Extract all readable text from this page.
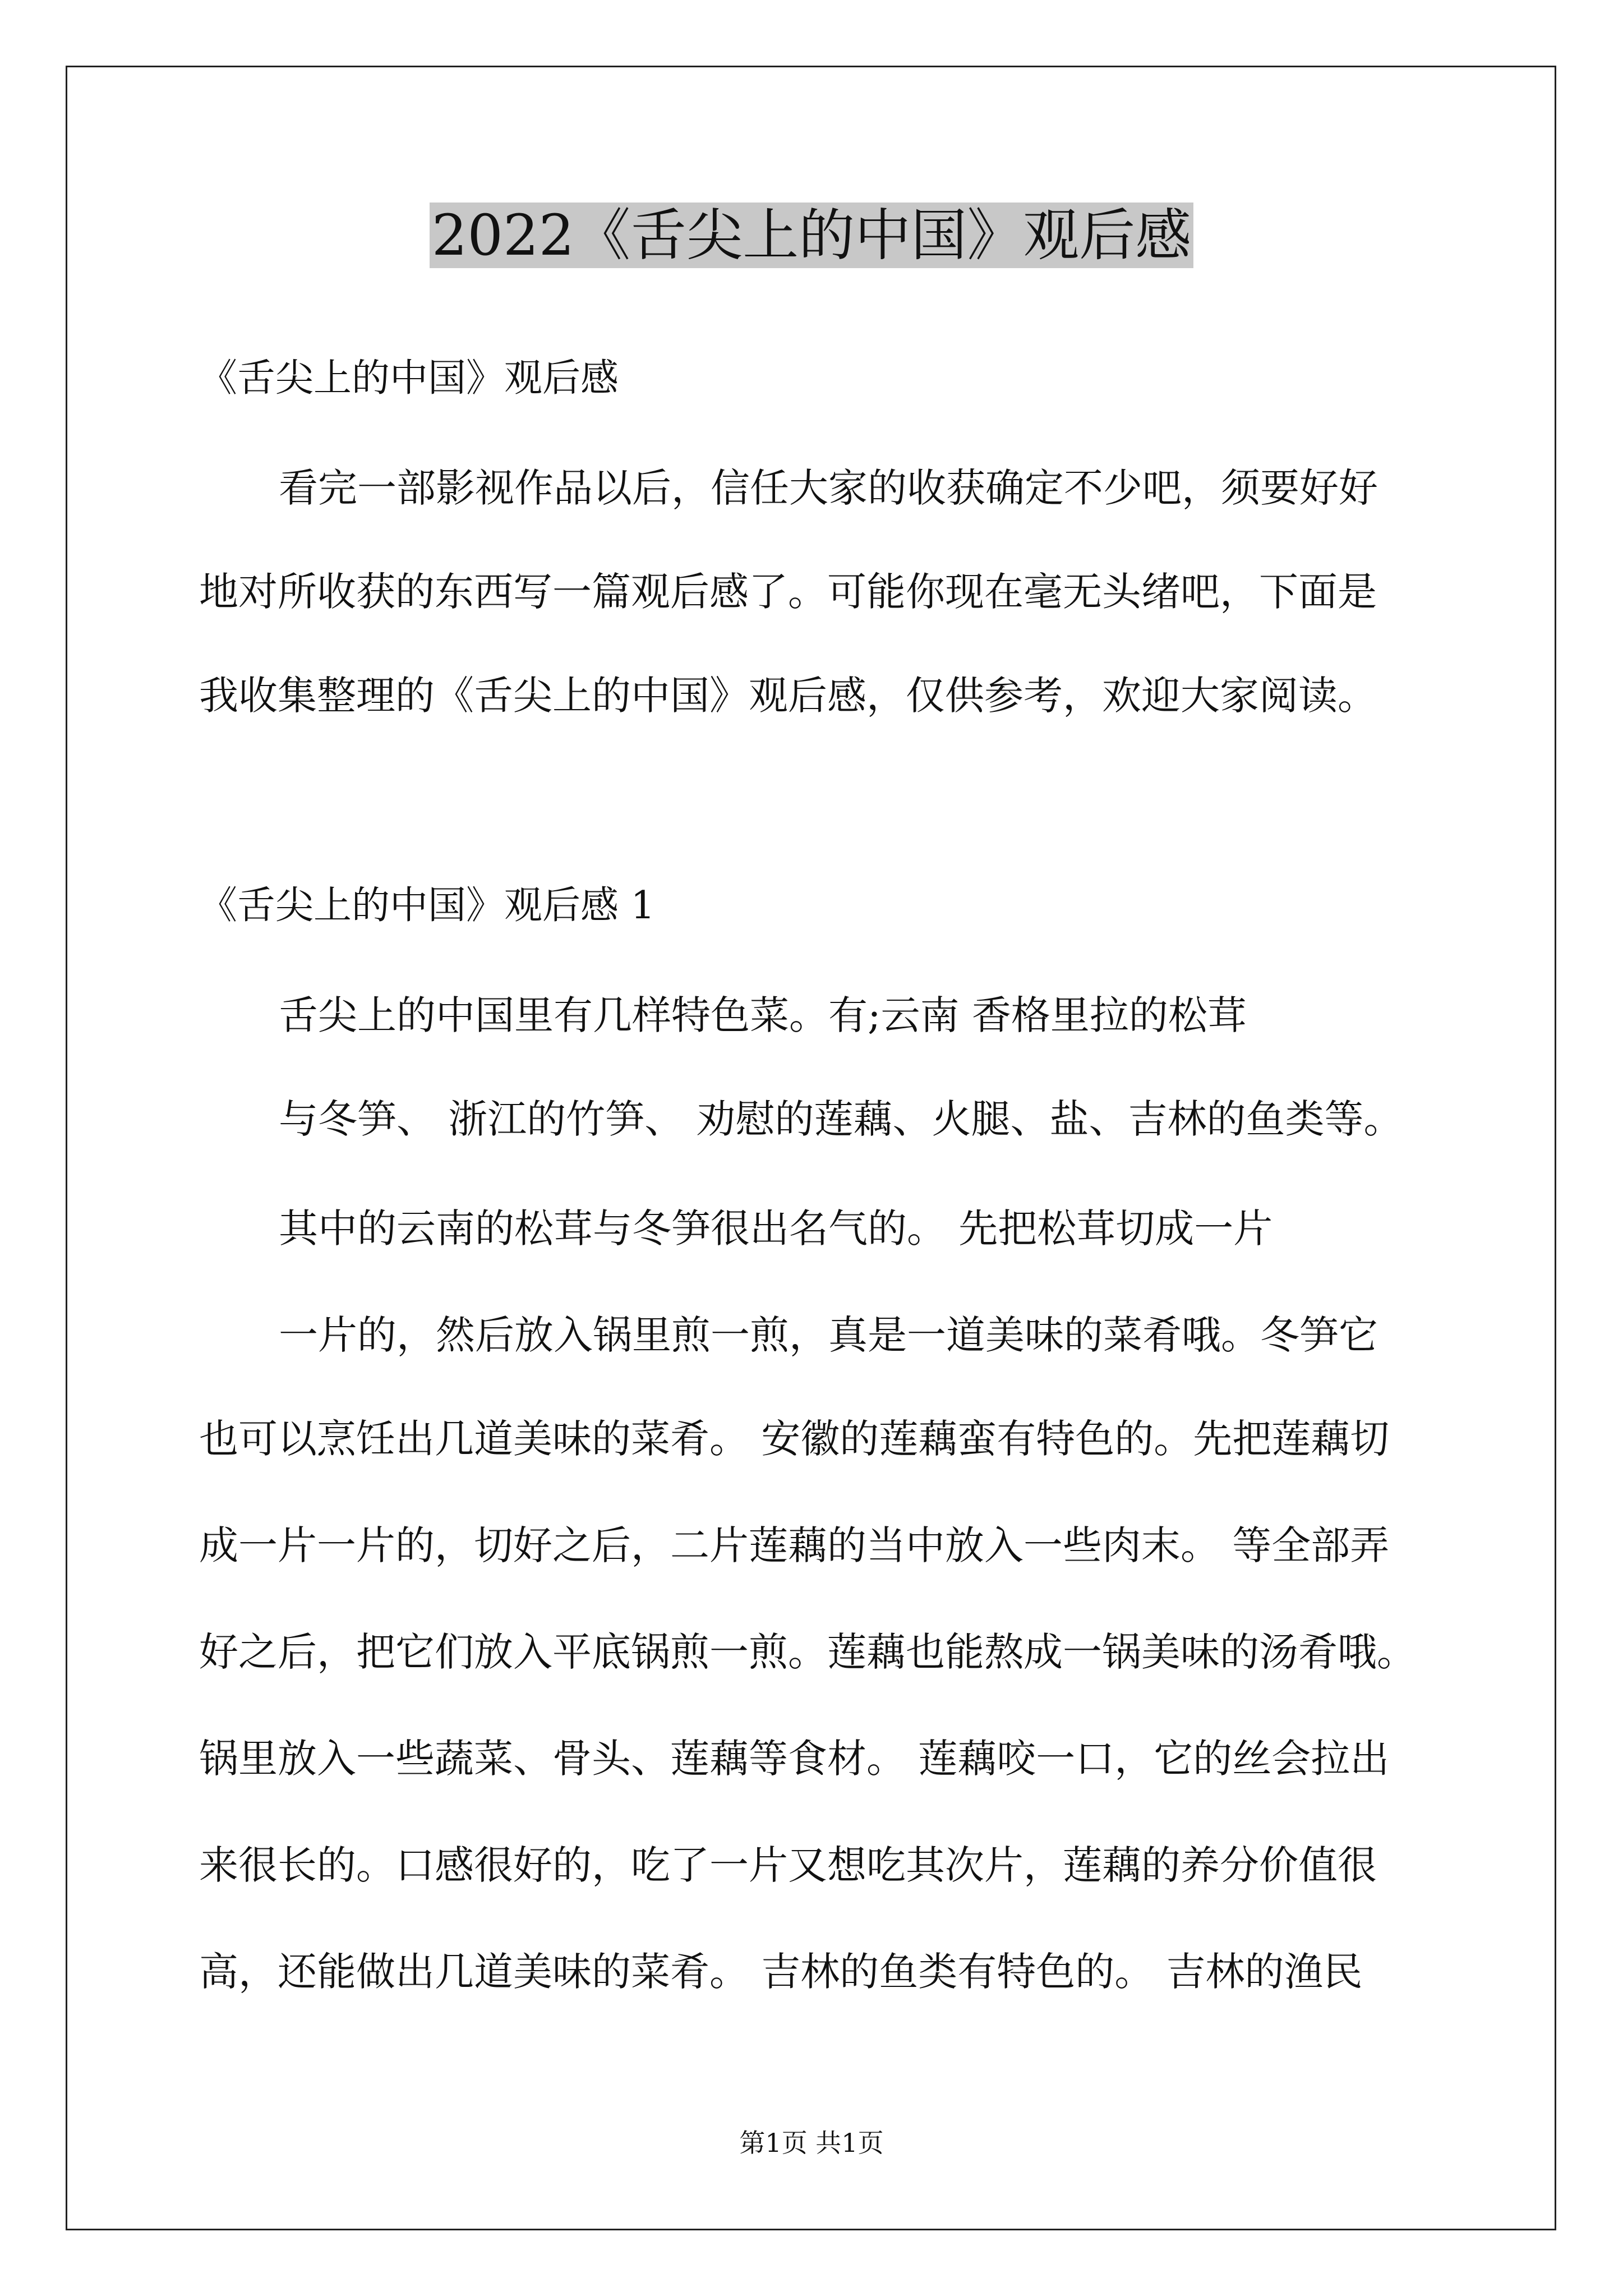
2022《舌尖上的中国》观后感
《舌尖上的中国》观后感
看完一部影视作品以后，信任大家的收获确定不少吧，须要好好
地对所收获的东西写一篇观后感了。可能你现在毫无头绪吧，下面是
我收集整理的《舌尖上的中国》观后感，仅供参考，欢迎大家阅读。
《舌尖上的中国》观后感 1
舌尖上的中国里有几样特色菜。有;云南 香格里拉的松茸
与冬笋、 浙江的竹笋、 劝慰的莲藕、火腿、盐、吉林的鱼类等。
其中的云南的松茸与冬笋很出名气的。 先把松茸切成一片
一片的，然后放入锅里煎一煎，真是一道美味的菜肴哦。冬笋它
也可以烹饪出几道美味的菜肴。 安徽的莲藕蛮有特色的。先把莲藕切
成一片一片的，切好之后，二片莲藕的当中放入一些肉末。 等全部弄
好之后，把它们放入平底锅煎一煎。莲藕也能熬成一锅美味的汤肴哦。
锅里放入一些蔬菜、骨头、莲藕等食材。 莲藕咬一口，它的丝会拉出
来很长的。口感很好的，吃了一片又想吃其次片，莲藕的养分价值很
高，还能做出几道美味的菜肴。 吉林的鱼类有特色的。 吉林的渔民
第1页 共1页
